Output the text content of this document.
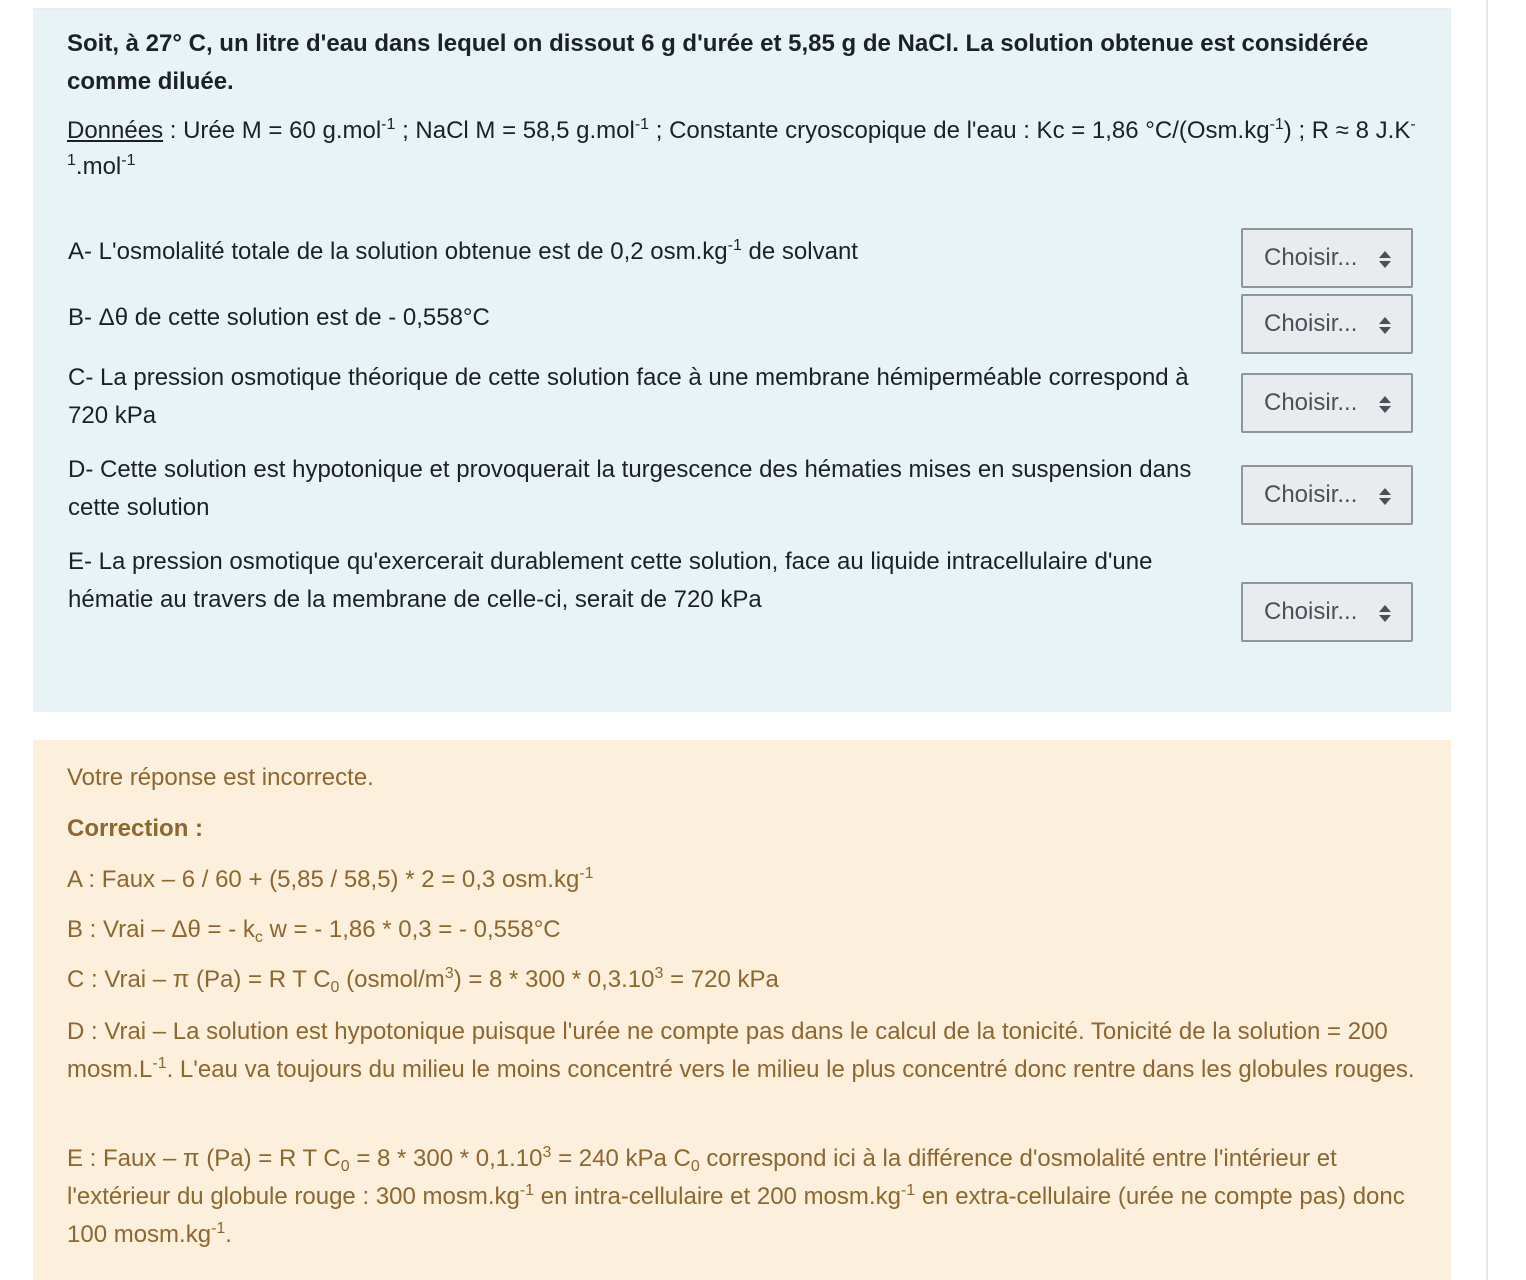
Soit, à 27° C, un litre d'eau dans lequel on dissout 6 g d'urée et 5,85 g de NaCl. La solution obtenue est considérée comme diluée.

Données : Urée M = 60 g.mol$^{-1}$ ; NaCl M = 58,5 g.mol$^{-1}$ ; Constante cryoscopique de l'eau : Kc = 1,86 $^\circ C/(Osm.kg^{-1})$ ; R ≈ 8 $J.K^{-1}.mol^{-1}$

A- L'osmolalité totale de la solution obtenue est de 0,2 $osm.kg^{-1}$ de solvant	Choisir...

B- Δθ de cette solution est de - 0,558°C	Choisir...

C- La pression osmotique théorique de cette solution face à une membrane hémiperméable correspond à 720 kPa	Choisir...

D- Cette solution est hypotonique et provoquerait la turgescence des hématies mises en suspension dans cette solution	Choisir...

E- La pression osmotique qu'exercerait durablement cette solution, face au liquide intracellulaire d'une hématie au travers de la membrane de celle-ci, serait de 720 kPa	Choisir...

Votre réponse est incorrecte.

Correction :

A : Faux – 6 / 60 + (5,85 / 58,5) * 2 = 0,3 $osm.kg^{-1}$

B : Vrai – Δθ = - $k_c$ w = - 1,86 * 0,3 = - 0,558°C

C : Vrai – π (Pa) = R T $C_0$ $(osmol/m^3) = 8 * 300 * 0,3.10^3 = 720$ kPa

D : Vrai – La solution est hypotonique puisque l'urée ne compte pas dans le calcul de la tonicité. Tonicité de la solution = 200 $mosm.L^{-1}$. L'eau va toujours du milieu le moins concentré vers le milieu le plus concentré donc rentre dans les globules rouges.

E : Faux – π (Pa) = R T $C_0 = 8 * 300 * 0,1.10^3 = 240$ kPa $C_0$ correspond ici à la différence d'osmolalité entre l'intérieur et l'extérieur du globule rouge : 300 $mosm.kg^{-1}$ en intra-cellulaire et 200 $mosm.kg^{-1}$ en extra-cellulaire (urée ne compte pas) donc 100 $mosm.kg^{-1}$.
